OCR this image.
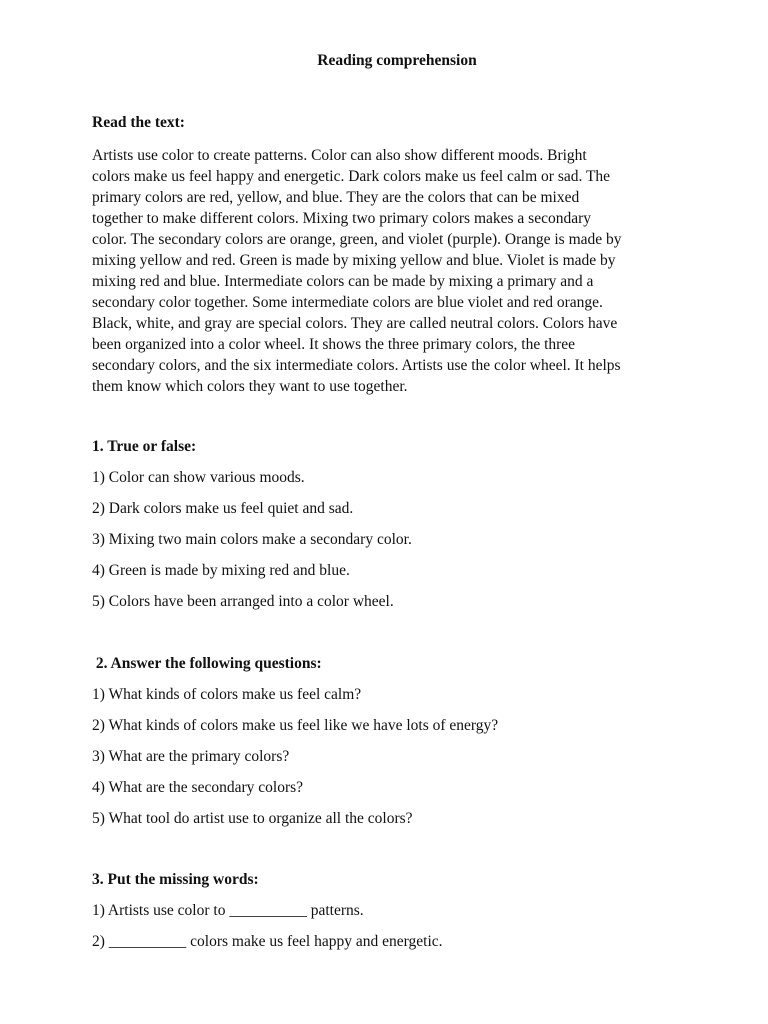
Reading comprehension
Read the text:
Artists use color to create patterns. Color can also show different moods. Bright
colors make us feel happy and energetic. Dark colors make us feel calm or sad. The
primary colors are red, yellow, and blue. They are the colors that can be mixed
together to make different colors. Mixing two primary colors makes a secondary
color. The secondary colors are orange, green, and violet (purple). Orange is made by
mixing yellow and red. Green is made by mixing yellow and blue. Violet is made by
mixing red and blue. Intermediate colors can be made by mixing a primary and a
secondary color together. Some intermediate colors are blue violet and red orange.
Black, white, and gray are special colors. They are called neutral colors. Colors have
been organized into a color wheel. It shows the three primary colors, the three
secondary colors, and the six intermediate colors. Artists use the color wheel. It helps
them know which colors they want to use together.
1. True or false:
1) Color can show various moods.
2) Dark colors make us feel quiet and sad.
3) Mixing two main colors make a secondary color.
4) Green is made by mixing red and blue.
5) Colors have been arranged into a color wheel.
2. Answer the following questions:
1) What kinds of colors make us feel calm?
2) What kinds of colors make us feel like we have lots of energy?
3) What are the primary colors?
4) What are the secondary colors?
5) What tool do artist use to organize all the colors?
3. Put the missing words:
1) Artists use color to __________ patterns.
2) __________ colors make us feel happy and energetic.
